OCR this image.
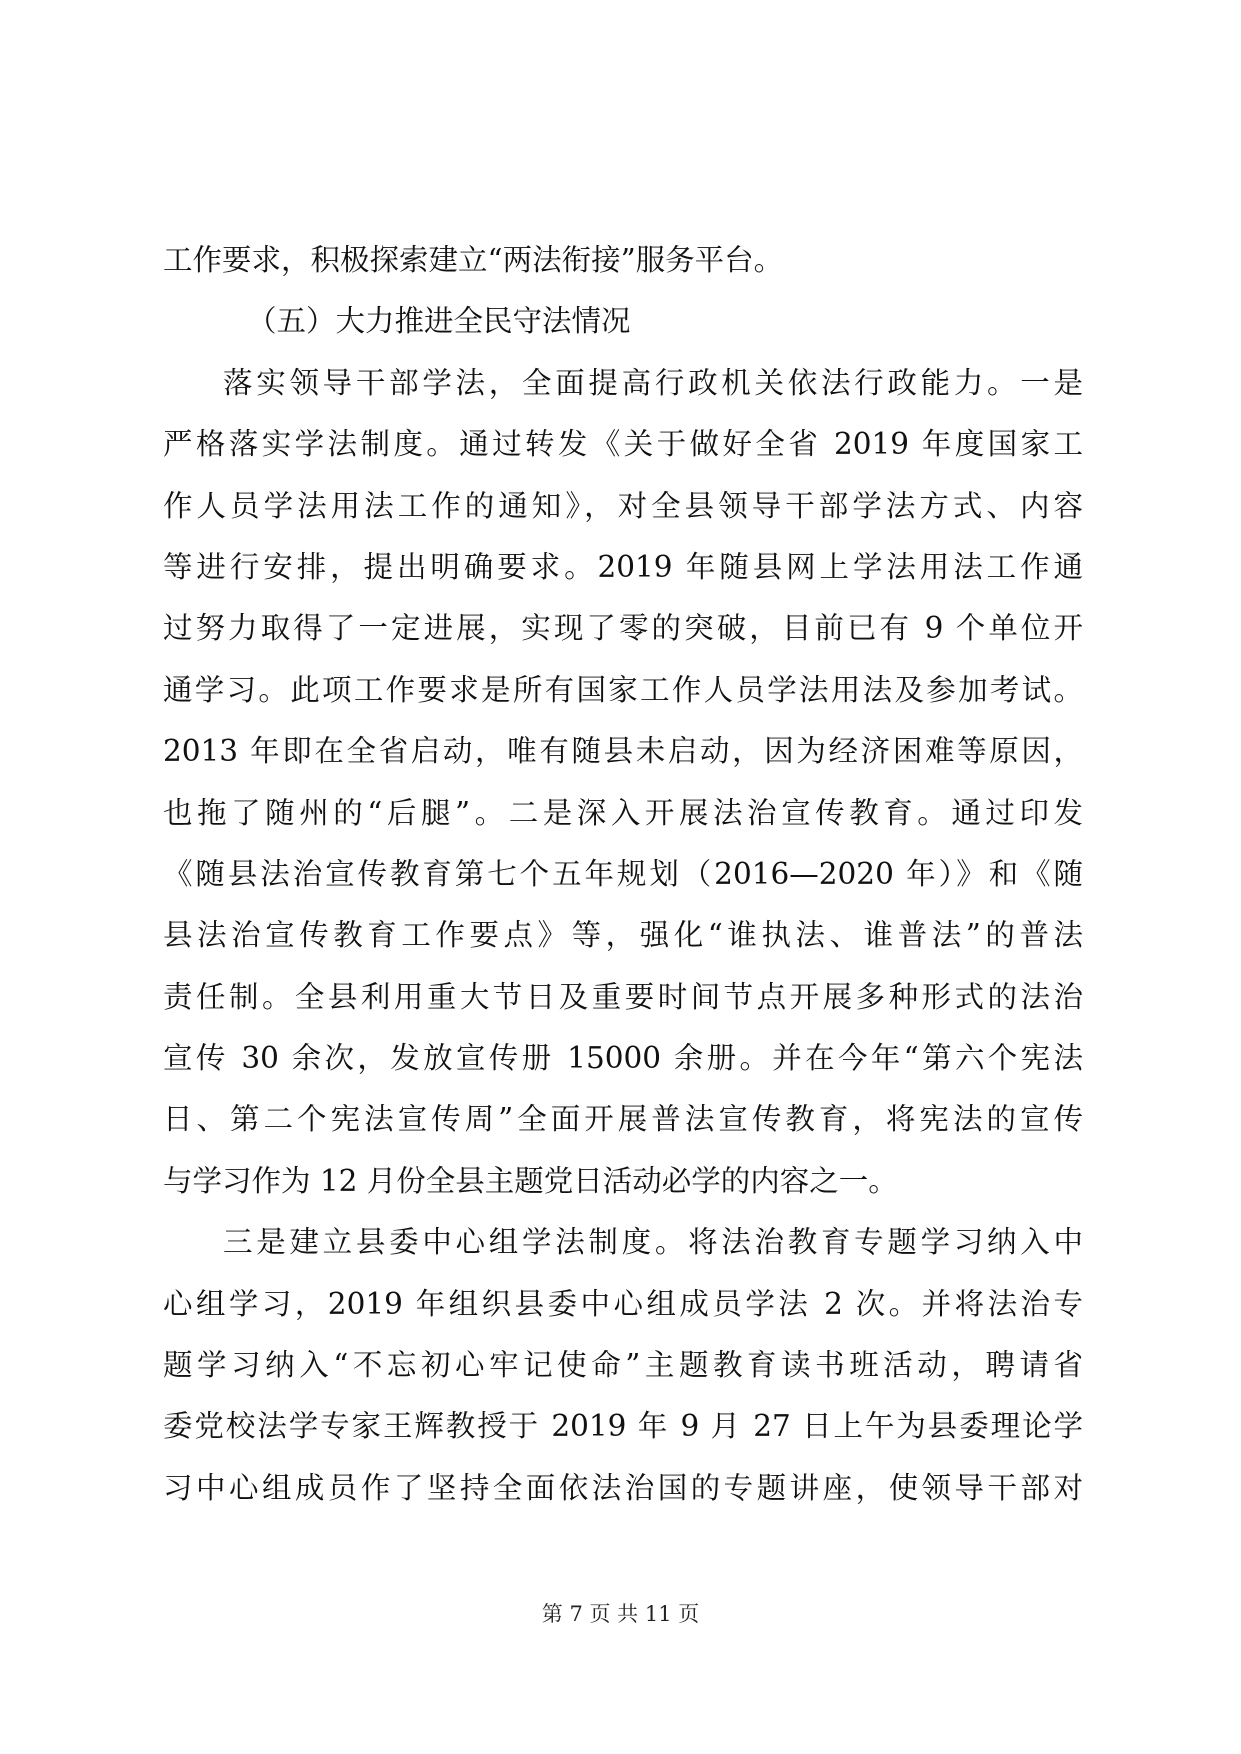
工作要求，积极探索建立“两法衔接”服务平台。
（五）大力推进全民守法情况
落实领导干部学法，全面提高行政机关依法行政能力。一是
严格落实学法制度。通过转发《关于做好全省 2019 年度国家工
作人员学法用法工作的通知》，对全县领导干部学法方式、内容
等进行安排，提出明确要求。2019 年随县网上学法用法工作通
过努力取得了一定进展，实现了零的突破，目前已有 9 个单位开
通学习。此项工作要求是所有国家工作人员学法用法及参加考试。
2013 年即在全省启动，唯有随县未启动，因为经济困难等原因，
也拖了随州的“后腿”。二是深入开展法治宣传教育。通过印发
《随县法治宣传教育第七个五年规划（2016—2020 年）》和《随
县法治宣传教育工作要点》等，强化“谁执法、谁普法”的普法
责任制。全县利用重大节日及重要时间节点开展多种形式的法治
宣传 30 余次，发放宣传册 15000 余册。并在今年“第六个宪法
日、第二个宪法宣传周”全面开展普法宣传教育，将宪法的宣传
与学习作为 12 月份全县主题党日活动必学的内容之一。
三是建立县委中心组学法制度。将法治教育专题学习纳入中
心组学习，2019 年组织县委中心组成员学法 2 次。并将法治专
题学习纳入“不忘初心牢记使命”主题教育读书班活动，聘请省
委党校法学专家王辉教授于 2019 年 9 月 27 日上午为县委理论学
习中心组成员作了坚持全面依法治国的专题讲座，使领导干部对
第 7 页 共 11 页
